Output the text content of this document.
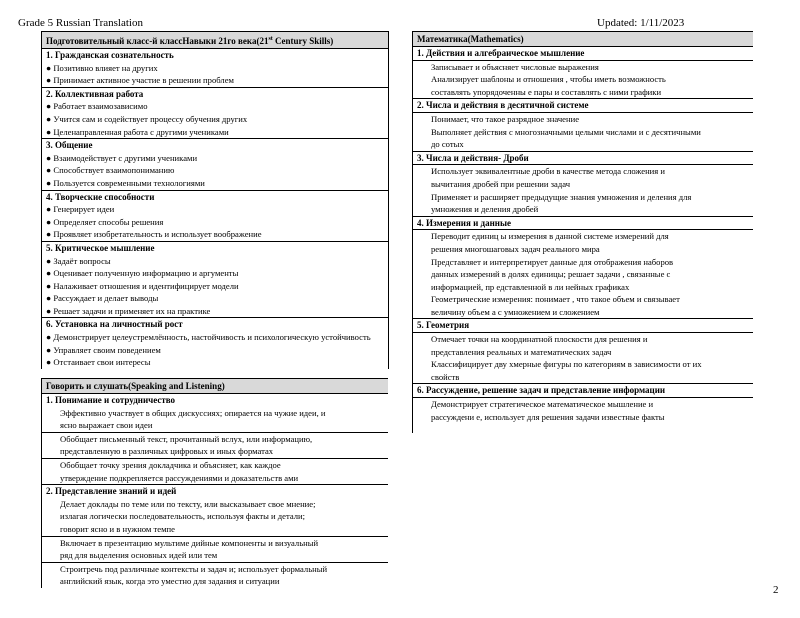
Grade 5 Russian Translation	Updated: 1/11/2023
Подготовительный класс-й классНавыки 21го века(21st Century Skills)
1. Гражданская сознательность
● Позитивно влияет на других
● Принимает активное участие в решении проблем
2. Коллективная работа
● Работает взаимозависимо
● Учится сам и содействует процессу обучения других
● Целенаправленная работа с другими учениками
3. Общение
● Взаимодействует с другими учениками
● Способствует взаимопониманию
● Пользуется современными технологиями
4. Творческие способности
● Генерирует идеи
● Определяет способы решения
● Проявляет изобретательность и использует воображение
5. Критическое мышление
● Задаёт вопросы
● Оценивает полученную информацию и аргументы
● Налаживает отношения и идентифицирует модели
● Рассуждает и делает выводы
● Решает задачи и применяет их на практике
6. Установка на личностный рост
● Демонстрирует целеустремлённость, настойчивость и психологическую устойчивость
● Управляет своим поведением
● Отстаивает свои интересы
Говорить и слушать(Speaking and Listening)
1. Понимание и сотрудничество
Эффективно участвует в общих дискуссиях; опирается на чужие идеи, и
ясно выражает свои идеи
Обобщает письменный текст, прочитанный вслух, или информацию,
представленную в различных цифровых и иных форматах
Обобщает точку зрения докладчика и объясняет, как каждое
утверждение подкрепляется рассуждениями и доказательств ами
2. Представление знаний и идей
Делает доклады по теме или по тексту, или высказывает свое мнение;
излагая логически последовательность, используя факты и детали;
говорит ясно и в нужном темпе
Включает в презентацию мультиме дийные компоненты и визуальный
ряд для выделения основных идей или тем
Строитречь под различные контексты и задач и; использует формальный
английский язык, когда это уместно для задания и ситуации
Математика(Mathematics)
1. Действия и алгебраическое мышление
Записывает и объясняет числовые выражения
Анализирует шаблоны и отношения , чтобы иметь возможность
составлять упорядоченны е пары и составлять с ними графики
2. Числа и действия в десятичной системе
Понимает, что такое разрядное значение
Выполняет действия с многозначными целыми числами и с десятичными
до сотых
3. Числа и действия- Дроби
Использует эквивалентные дроби в качестве метода сложения и
вычитания дробей при решении задач
Применяет и расширяет предыдущие знания умножения и деления для
умножения и деления дробей
4. Измерения и данные
Переводит единиц ы измерения в данной системе измерений для
решения многошаговых задач реального мира
Представляет и интерпретирует данные для отображения наборов
данных измерений в долях единицы; решает задачи , связанные с
информацией, пр едставленной в ли нейных графиках
Геометрические измерения: понимает , что такое объем и связывает
величину объем а с умножением и сложением
5. Геометрия
Отмечает точки на координатной плоскости для решения и
представления реальных и математических задач
Классифицирует дву хмерные фигуры по категориям в зависимости от их
свойств
6. Рассуждение, решение задач и представление информации
Демонстрирует стратегическое математическое мышление и
рассуждени е, использует для решения задачи известные факты
2
